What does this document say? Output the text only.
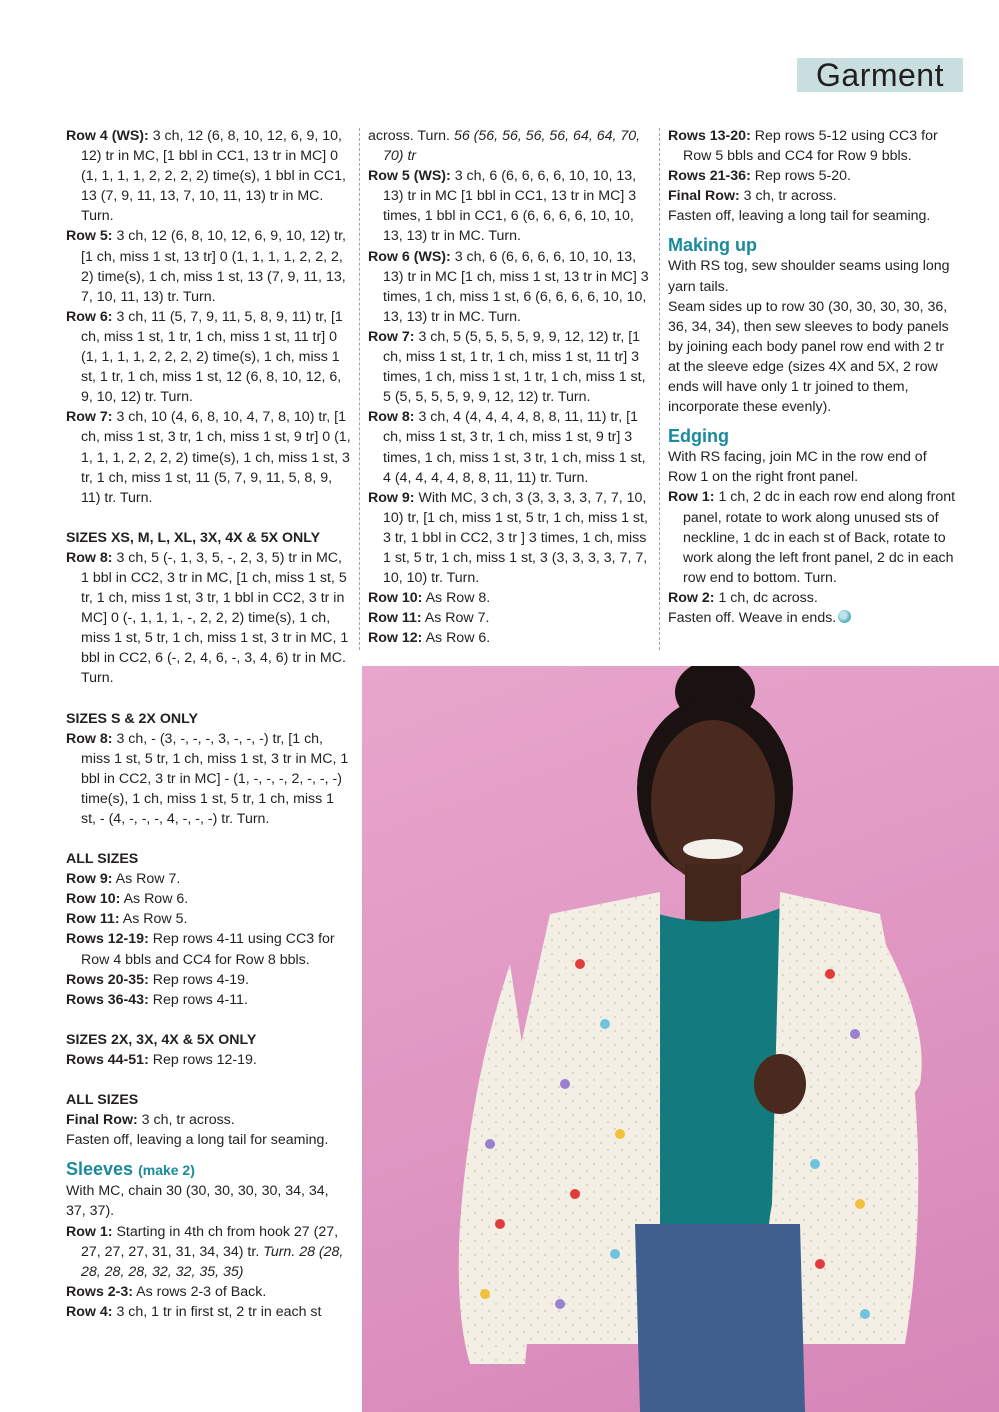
Garment

Row 4 (WS): 3 ch, 12 (6, 8, 10, 12, 6, 9, 10, 12) tr in MC, [1 bbl in CC1, 13 tr in MC] 0 (1, 1, 1, 1, 2, 2, 2, 2) time(s), 1 bbl in CC1, 13 (7, 9, 11, 13, 7, 10, 11, 13) tr in MC. Turn.

Row 5: 3 ch, 12 (6, 8, 10, 12, 6, 9, 10, 12) tr, [1 ch, miss 1 st, 13 tr] 0 (1, 1, 1, 1, 2, 2, 2, 2) time(s), 1 ch, miss 1 st, 13 (7, 9, 11, 13, 7, 10, 11, 13) tr. Turn.

Row 6: 3 ch, 11 (5, 7, 9, 11, 5, 8, 9, 11) tr, [1 ch, miss 1 st, 1 tr, 1 ch, miss 1 st, 11 tr] 0 (1, 1, 1, 1, 2, 2, 2, 2) time(s), 1 ch, miss 1 st, 1 tr, 1 ch, miss 1 st, 12 (6, 8, 10, 12, 6, 9, 10, 12) tr. Turn.

Row 7: 3 ch, 10 (4, 6, 8, 10, 4, 7, 8, 10) tr, [1 ch, miss 1 st, 3 tr, 1 ch, miss 1 st, 9 tr] 0 (1, 1, 1, 1, 2, 2, 2, 2) time(s), 1 ch, miss 1 st, 3 tr, 1 ch, miss 1 st, 11 (5, 7, 9, 11, 5, 8, 9, 11) tr. Turn.

SIZES XS, M, L, XL, 3X, 4X & 5X ONLY

Row 8: 3 ch, 5 (-, 1, 3, 5, -, 2, 3, 5) tr in MC, 1 bbl in CC2, 3 tr in MC, [1 ch, miss 1 st, 5 tr, 1 ch, miss 1 st, 3 tr, 1 bbl in CC2, 3 tr in MC] 0 (-, 1, 1, 1, -, 2, 2, 2) time(s), 1 ch, miss 1 st, 5 tr, 1 ch, miss 1 st, 3 tr in MC, 1 bbl in CC2, 6 (-, 2, 4, 6, -, 3, 4, 6) tr in MC. Turn.

SIZES S & 2X ONLY

Row 8: 3 ch, - (3, -, -, -, 3, -, -, -) tr, [1 ch, miss 1 st, 5 tr, 1 ch, miss 1 st, 3 tr in MC, 1 bbl in CC2, 3 tr in MC] - (1, -, -, -, 2, -, -, -) time(s), 1 ch, miss 1 st, 5 tr, 1 ch, miss 1 st, - (4, -, -, -, 4, -, -, -) tr. Turn.

ALL SIZES

Row 9: As Row 7.

Row 10: As Row 6.

Row 11: As Row 5.

Rows 12-19: Rep rows 4-11 using CC3 for Row 4 bbls and CC4 for Row 8 bbls.

Rows 20-35: Rep rows 4-19.

Rows 36-43: Rep rows 4-11.

SIZES 2X, 3X, 4X & 5X ONLY

Rows 44-51: Rep rows 12-19.

ALL SIZES

Final Row: 3 ch, tr across.

Fasten off, leaving a long tail for seaming.

Sleeves (make 2)

With MC, chain 30 (30, 30, 30, 30, 34, 34, 37, 37).

Row 1: Starting in 4th ch from hook 27 (27, 27, 27, 27, 31, 31, 34, 34) tr. Turn. 28 (28, 28, 28, 28, 32, 32, 35, 35)

Rows 2-3: As rows 2-3 of Back.

Row 4: 3 ch, 1 tr in first st, 2 tr in each st

across. Turn. 56 (56, 56, 56, 56, 64, 64, 70, 70) tr

Row 5 (WS): 3 ch, 6 (6, 6, 6, 6, 10, 10, 13, 13) tr in MC [1 bbl in CC1, 13 tr in MC] 3 times, 1 bbl in CC1, 6 (6, 6, 6, 6, 10, 10, 13, 13) tr in MC. Turn.

Row 6 (WS): 3 ch, 6 (6, 6, 6, 6, 10, 10, 13, 13) tr in MC [1 ch, miss 1 st, 13 tr in MC] 3 times, 1 ch, miss 1 st, 6 (6, 6, 6, 6, 10, 10, 13, 13) tr in MC. Turn.

Row 7: 3 ch, 5 (5, 5, 5, 5, 9, 9, 12, 12) tr, [1 ch, miss 1 st, 1 tr, 1 ch, miss 1 st, 11 tr] 3 times, 1 ch, miss 1 st, 1 tr, 1 ch, miss 1 st, 5 (5, 5, 5, 5, 9, 9, 12, 12) tr. Turn.

Row 8: 3 ch, 4 (4, 4, 4, 4, 8, 8, 11, 11) tr, [1 ch, miss 1 st, 3 tr, 1 ch, miss 1 st, 9 tr] 3 times, 1 ch, miss 1 st, 3 tr, 1 ch, miss 1 st, 4 (4, 4, 4, 4, 8, 8, 11, 11) tr. Turn.

Row 9: With MC, 3 ch, 3 (3, 3, 3, 3, 7, 7, 10, 10) tr, [1 ch, miss 1 st, 5 tr, 1 ch, miss 1 st, 3 tr, 1 bbl in CC2, 3 tr ] 3 times, 1 ch, miss 1 st, 5 tr, 1 ch, miss 1 st, 3 (3, 3, 3, 3, 7, 7, 10, 10) tr. Turn.

Row 10: As Row 8.

Row 11: As Row 7.

Row 12: As Row 6.

Rows 13-20: Rep rows 5-12 using CC3 for Row 5 bbls and CC4 for Row 9 bbls.

Rows 21-36: Rep rows 5-20.

Final Row: 3 ch, tr across.

Fasten off, leaving a long tail for seaming.

Making up

With RS tog, sew shoulder seams using long yarn tails.

Seam sides up to row 30 (30, 30, 30, 30, 36, 36, 34, 34), then sew sleeves to body panels by joining each body panel row end with 2 tr at the sleeve edge (sizes 4X and 5X, 2 row ends will have only 1 tr joined to them, incorporate these evenly).

Edging

With RS facing, join MC in the row end of Row 1 on the right front panel.

Row 1: 1 ch, 2 dc in each row end along front panel, rotate to work along unused sts of neckline, 1 dc in each st of Back, rotate to work along the left front panel, 2 dc in each row end to bottom. Turn.

Row 2: 1 ch, dc across.

Fasten off. Weave in ends.
